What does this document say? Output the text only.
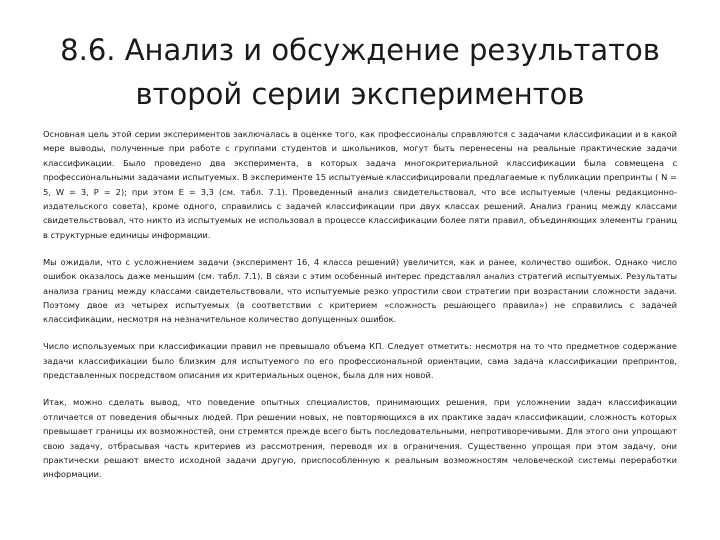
8.6. Анализ и обсуждение результатов второй серии экспериментов

Основная цель этой серии экспериментов заключалась в оценке того, как профессионалы справляются с задачами классификации и в какой мере выводы, полученные при работе с группами студентов и школьников, могут быть перенесены на реальные практические задачи классификации. Было проведено два эксперимента, в которых задача многокритериальной классификации была совмещена с профессиональными задачами испытуемых. В эксперименте 15 испытуемые классифицировали предлагаемые к публикации препринты ( N = 5, W = 3, P = 2); при этом E = 3,3 (см. табл. 7.1). Проведенный анализ свидетельствовал, что все испытуемые (члены редакционно-издательского совета), кроме одного, справились с задачей классификации при двух классах решений. Анализ границ между классами свидетельствовал, что никто из испытуемых не использовал в процессе классификации более пяти правил, объединяющих элементы границ в структурные единицы информации.

Мы ожидали, что с усложнением задачи (эксперимент 16, 4 класса решений) увеличится, как и ранее, количество ошибок. Однако число ошибок оказалось даже меньшим (см. табл. 7.1). В связи с этим особенный интерес представлял анализ стратегий испытуемых. Результаты анализа границ между классами свидетельствовали, что испытуемые резко упростили свои стратегии при возрастании сложности задачи. Поэтому двое из четырех испытуемых (в соответствии с критерием «сложность решающего правила») не справились с задачей классификации, несмотря на незначительное количество допущенных ошибок.

Число используемых при классификации правил не превышало объема КП. Следует отметить: несмотря на то что предметное содержание задачи классификации было близким для испытуемого по его профессиональной ориентации, сама задача классификации препринтов, представленных посредством описания их критериальных оценок, была для них новой.

Итак, можно сделать вывод, что поведение опытных специалистов, принимающих решения, при усложнении задач классификации отличается от поведения обычных людей. При решении новых, не повторяющихся в их практике задач классификации, сложность которых превышает границы их возможностей, они стремятся прежде всего быть последовательными, непротиворечивыми. Для этого они упрощают свою задачу, отбрасывая часть критериев из рассмотрения, переводя их в ограничения. Существенно упрощая при этом задачу, они практически решают вместо исходной задачи другую, приспособленную к реальным возможностям человеческой системы переработки информации.
